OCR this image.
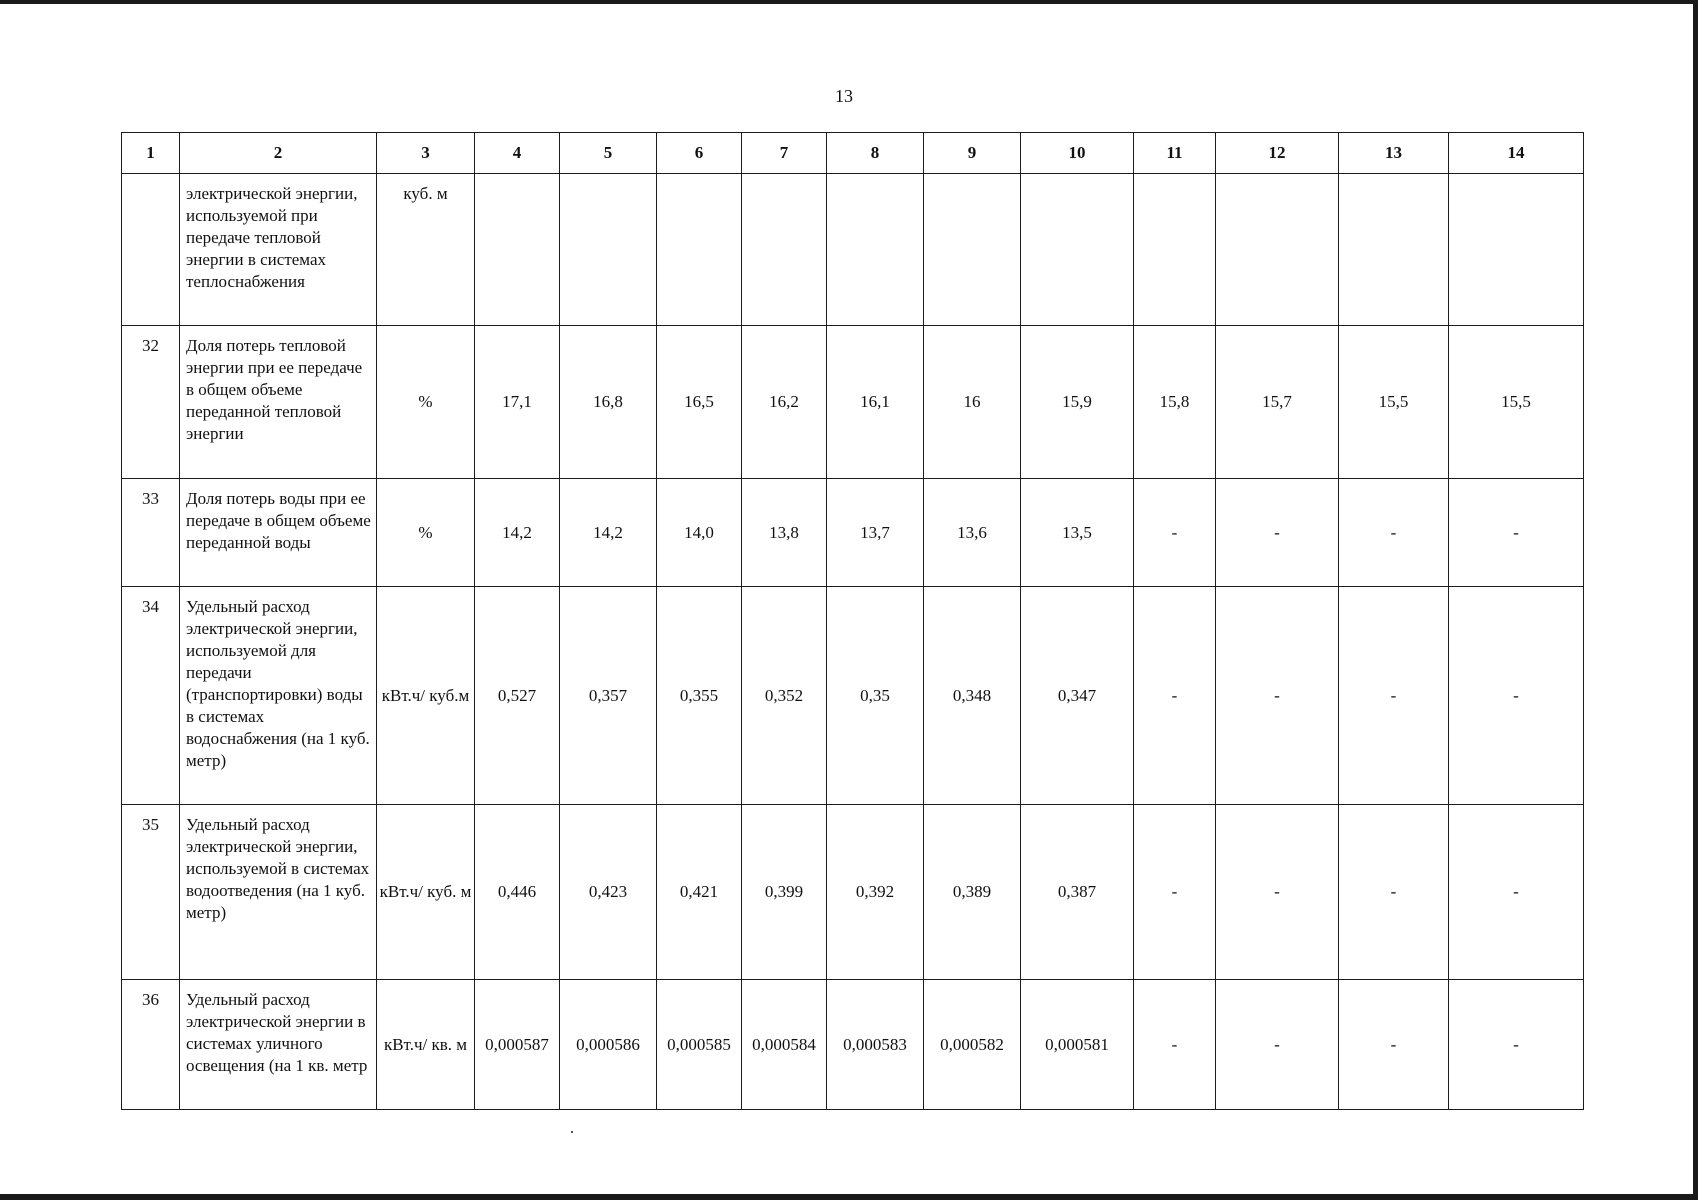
13
1	2	3	4	5	6	7	8	9	10	11	12	13	14
	электрической энергии, используемой при передаче тепловой энергии в системах теплоснабжения	куб. м											
32	Доля потерь тепловой энергии при ее передаче в общем объеме переданной тепловой энергии	%	17,1	16,8	16,5	16,2	16,1	16	15,9	15,8	15,7	15,5	15,5
33	Доля потерь воды при ее передаче в общем объеме переданной воды	%	14,2	14,2	14,0	13,8	13,7	13,6	13,5	-	-	-	-
34	Удельный расход электрической энергии, используемой для передачи (транспортировки) воды в системах водоснабжения (на 1 куб. метр)	кВт.ч/ куб.м	0,527	0,357	0,355	0,352	0,35	0,348	0,347	-	-	-	-
35	Удельный расход электрической энергии, используемой в системах водоотведения (на 1 куб. метр)	кВт.ч/ куб. м	0,446	0,423	0,421	0,399	0,392	0,389	0,387	-	-	-	-
36	Удельный расход электрической энергии в системах уличного освещения (на 1 кв. метр	кВт.ч/ кв. м	0,000587	0,000586	0,000585	0,000584	0,000583	0,000582	0,000581	-	-	-	-
